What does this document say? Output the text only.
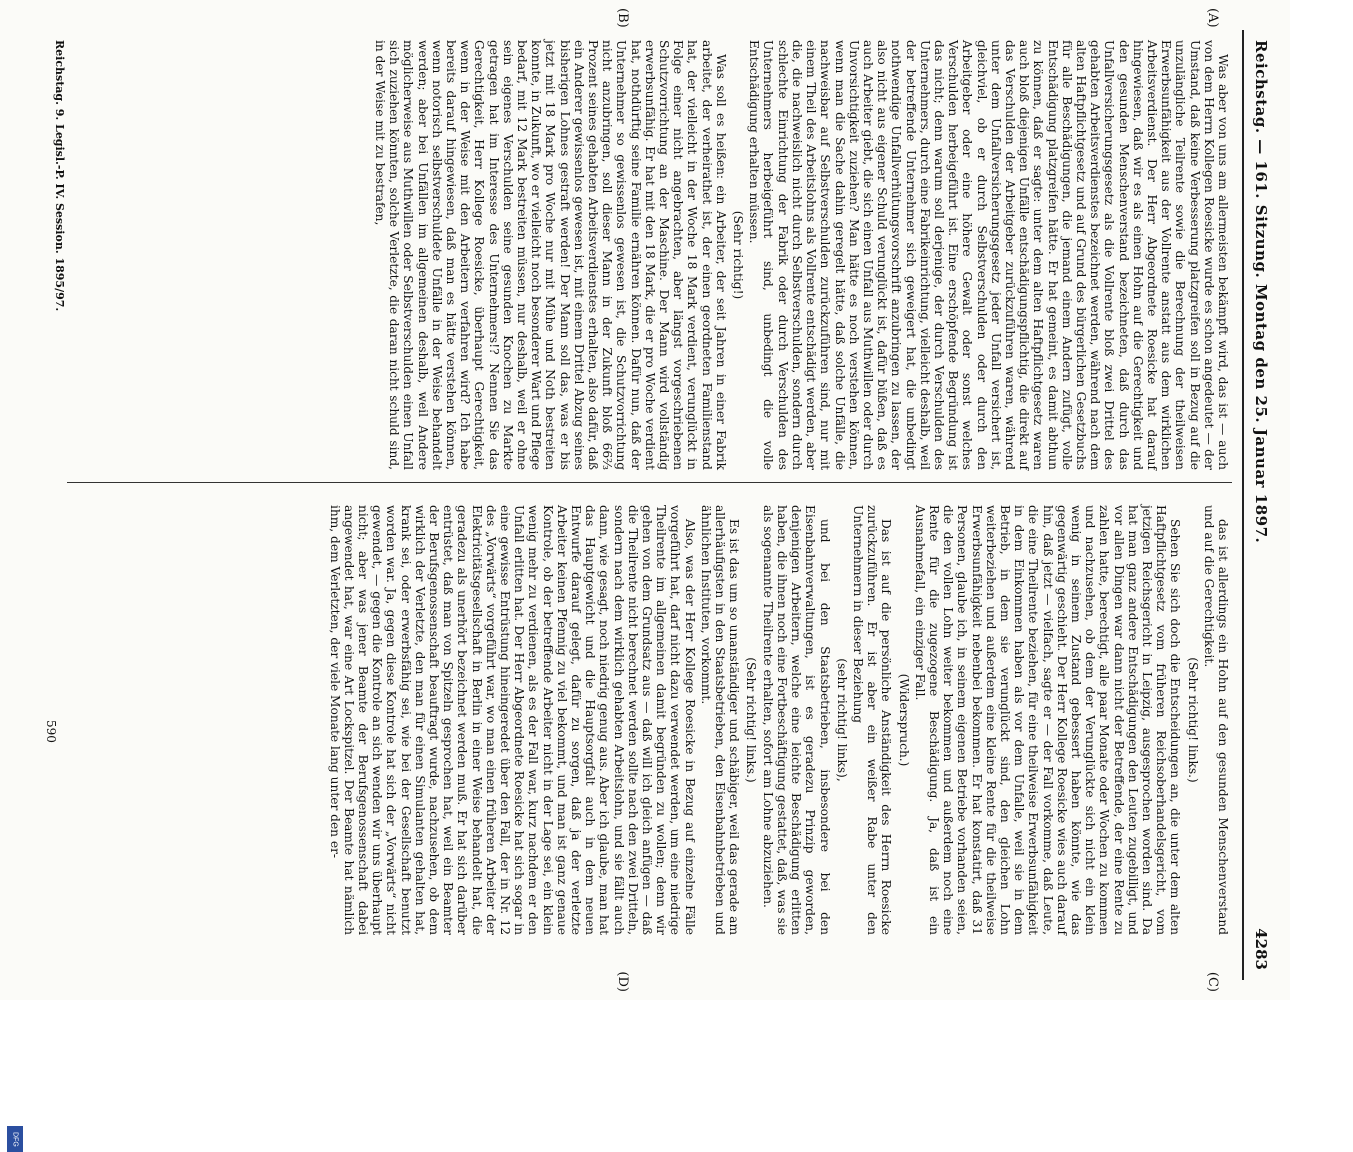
DFG
Reichstag. — 161. Sitzung. Montag den 25. Januar 1897.
4283
(A)
(B)
(C)
(D)

Was aber von uns am allermeisten bekämpft wird, das ist — auch von dem Herrn Kollegen Roesicke wurde es schon angedeutet — der Umstand, daß keine Verbesserung platzgreifen soll in Bezug auf die unzulängliche Teilrente sowie die Berechnung der theilweisen Erwerbsunfähigkeit aus der Vollrente anstatt aus dem wirklichen Arbeitsverdienst. Der Herr Abgeordnete Roesicke hat darauf hingewiesen, daß wir es als einen Hohn auf die Gerechtigkeit und den gesunden Menschenverstand bezeichneten, daß durch das Unfallversicherungsgesetz als die Vollrente bloß zwei Drittel des gehabten Arbeitsverdienstes bezeichnet werden, während nach dem alten Haftpflichtgesetz und auf Grund des bürgerlichen Gesetzbuchs für alle Beschädigungen, die jemand einem Andern zufügt, volle Entschädigung platzgreifen hätte. Er hat gemeint, es damit abthun zu können, daß er sagte: unter dem alten Haftpflichtgesetz waren auch bloß diejenigen Unfälle entschädigungspflichtig, die direkt auf das Verschulden der Arbeitgeber zurückzuführen waren, während unter dem Unfallversicherungsgesetz jeder Unfall versichert ist, gleichviel, ob er durch Selbstverschulden oder durch den Arbeitgeber oder eine höhere Gewalt oder sonst welches Verschulden herbeigeführt ist. Eine erschöpfende Begründung ist das nicht; denn warum soll derjenige, der durch Verschulden des Unternehmers, durch eine Fabrikeinrichtung, vielleicht deshalb, weil der betreffende Unternehmer sich geweigert hat, die unbedingt nothwendige Unfallverhütungsvorschrift anzubringen zu lassen, der also nicht aus eigener Schuld verunglückt ist, dafür büßen, daß es auch Arbeiter giebt, die sich einen Unfall aus Muthwillen oder durch Unvorsichtigkeit zuziehen? Man hätte es noch verstehen können, wenn man die Sache dahin geregelt hätte, daß solche Unfälle, die nachweisbar auf Selbstverschulden zurückzuführen sind, nur mit einem Theil des Arbeitslohns als Vollrente entschädigt werden, aber die, die nachweislich nicht durch Selbstverschulden, sondern durch schlechte Einrichtung der Fabrik oder durch Verschulden des Unternehmers herbeigeführt sind, unbedingt die volle Entschädigung erhalten müssen.

(Sehr richtig!)

Was soll es heißen: ein Arbeiter, der seit Jahren in einer Fabrik arbeitet, der verheirathet ist, der einen geordneten Familienstand hat, der vielleicht in der Woche 18 Mark verdient, verunglückt in Folge einer nicht angebrachten, aber längst vorgeschriebenen Schutzvorrichtung an der Maschine. Der Mann wird vollständig erwerbsunfähig. Er hat mit den 18 Mark, die er pro Woche verdient hat, nothdürftig seine Familie ernähren können. Dafür nun, daß der Unternehmer so gewissenlos gewesen ist, die Schutzvorrichtung nicht anzubringen, soll dieser Mann in der Zukunft bloß 66⅔ Prozent seines gehabten Arbeitsverdienstes erhalten, also dafür, daß ein Anderer gewissenlos gewesen ist, mit einem Drittel Abzug seines bisherigen Lohnes gestraft werden! Der Mann soll das, was er bis jetzt mit 18 Mark pro Woche nur mit Mühe und Noth bestreiten konnte, in Zukunft, wo er vielleicht noch besonderer Wart und Pflege bedarf, mit 12 Mark bestreiten müssen, nur deshalb, weil er ohne sein eigenes Verschulden seine gesunden Knochen zu Markte getragen hat im Interesse des Unternehmers!? Nennen Sie das Gerechtigkeit, Herr Kollege Roesicke, überhaupt Gerechtigkeit, wenn in der Weise mit den Arbeitern verfahren wird? Ich habe bereits darauf hingewiesen, daß man es hätte verstehen können, wenn notorisch selbstverschuldete Unfälle in der Weise behandelt werden; aber bei Unfällen im allgemeinen deshalb, weil Andere möglicherweise aus Muthwillen oder Selbstverschulden einen Unfall sich zuziehen könnten, solche Verletzte, die daran nicht schuld sind, in der Weise mit zu bestrafen,

das ist allerdings ein Hohn auf den gesunden Menschenverstand und auf die Gerechtigkeit.

(Sehr richtig! links.)

Sehen Sie sich doch die Entscheidungen an, die unter dem alten Haftpflichtgesetz vom früheren Reichsoberhandelsgericht, vom jetzigen Reichsgericht in Leipzig, ausgesprochen worden sind. Da hat man ganz andere Entschädigungen den Leuten zugebilligt, und vor allen Dingen war dann nicht der Betreffende, der eine Rente zu zahlen hatte, berechtigt, alle paar Monate oder Wochen zu kommen und nachzusehen, ob dem der Verunglückte sich nicht ein klein wenig in seinem Zustand gebessert haben könnte, wie das gegenwärtig geschieht. Der Herr Kollege Roesicke wies auch darauf hin, daß jetzt — vielfach, sagte er — der Fall vorkomme, daß Leute, die eine Theilrente beziehen, für eine theilweise Erwerbsunfähigkeit in dem Einkommen haben als vor dem Unfalle, weil sie in dem Betrieb, in dem sie verunglückt sind, den gleichen Lohn weiterbeziehen und außerdem eine kleine Rente für die theilweise Erwerbsunfähigkeit nebenbei bekommen. Er hat konstatirt, daß 31 Personen, glaube ich, in seinem eigenen Betriebe vorhanden seien, die den vollen Lohn weiter bekommen und außerdem noch eine Rente für die zugezogene Beschädigung. Ja, daß ist ein Ausnahmefall, ein einziger Fall.

(Widerspruch.)

Das ist auf die persönliche Anständigkeit des Herrn Roesicke zurückzuführen. Er ist aber ein weißer Rabe unter den Unternehmern in dieser Beziehung

(sehr richtig! links),

und bei den Staatsbetrieben, insbesondere bei den Eisenbahnverwaltungen, ist es geradezu Prinzip geworden, denjenigen Arbeitern, welche eine leichte Beschädigung erlitten haben, die ihnen noch eine Fortbeschäftigung gestattet, daß, was sie als sogenannte Theilrente erhalten, sofort am Lohne abzuziehen.

(Sehr richtig! links.)

Es ist das um so unanständiger und schäbiger, weil das gerade am allerhäufigsten in den Staatsbetrieben, den Eisenbahnbetrieben und ähnlichen Instituten, vorkommt.

Also, was der Herr Kollege Roesicke in Bezug auf einzelne Fälle vorgeführt hat, darf nicht dazu verwendet werden, um eine niedrige Theilrente im allgemeinen damit begründen zu wollen; denn wir gehen von dem Grundsatz aus — daß will ich gleich anfügen — daß die Theilrente nicht berechnet werden sollte nach den zwei Dritteln, sondern nach dem wirklich gehabten Arbeitslohn, und sie fällt auch dann, wie gesagt, noch niedrig genug aus. Aber ich glaube, man hat das Hauptgewicht und die Hauptsorgfalt auch in dem neuen Entwurfe darauf gelegt, dafür zu sorgen, daß ja der verletzte Arbeiter keinen Pfennig zu viel bekommt, und man ist ganz genaue Kontrole, ob der betreffende Arbeiter nicht in der Lage sei, ein klein wenig mehr zu verdienen, als es der Fall war, kurz nachdem er den Unfall erlitten hat. Der Herr Abgeordnete Roesicke hat sich sogar in eine gewisse Entrüstung hineingeredet über den Fall, der in Nr. 12 des „Vorwärts“ vorgeführt war, wo man einen früheren Arbeiter der Elektricitätsgesellschaft in Berlin in einer Weise behandelt hat, die geradezu als unerhört bezeichnet werden muß. Er hat sich darüber entrüstet, daß man von Spitzeln gesprochen hat, weil ein Beamter der Berufsgenossenschaft beauftragt wurde, nachzusehen, ob dem wirklich der Verletzte, den man für einen Simulanten gehalten hat, krank sei, oder erwerbsfähig sei, wie bei der Gesellschaft benutzt worden war. Ja, gegen diese Kontrole hat sich der „Vorwärts“ nicht gewendet, — gegen die Kontrole an sich wenden wir uns überhaupt nicht; aber was jener Beamte der Berufsgenossenschaft dabei angewendet hat, war eine Art Lockspitzel. Der Beamte hat nämlich ihm, dem Verletzten, der viele Monate lang unter den er-

Reichstag. 9. Legisl.-P. IV. Session. 1895/97.
590
